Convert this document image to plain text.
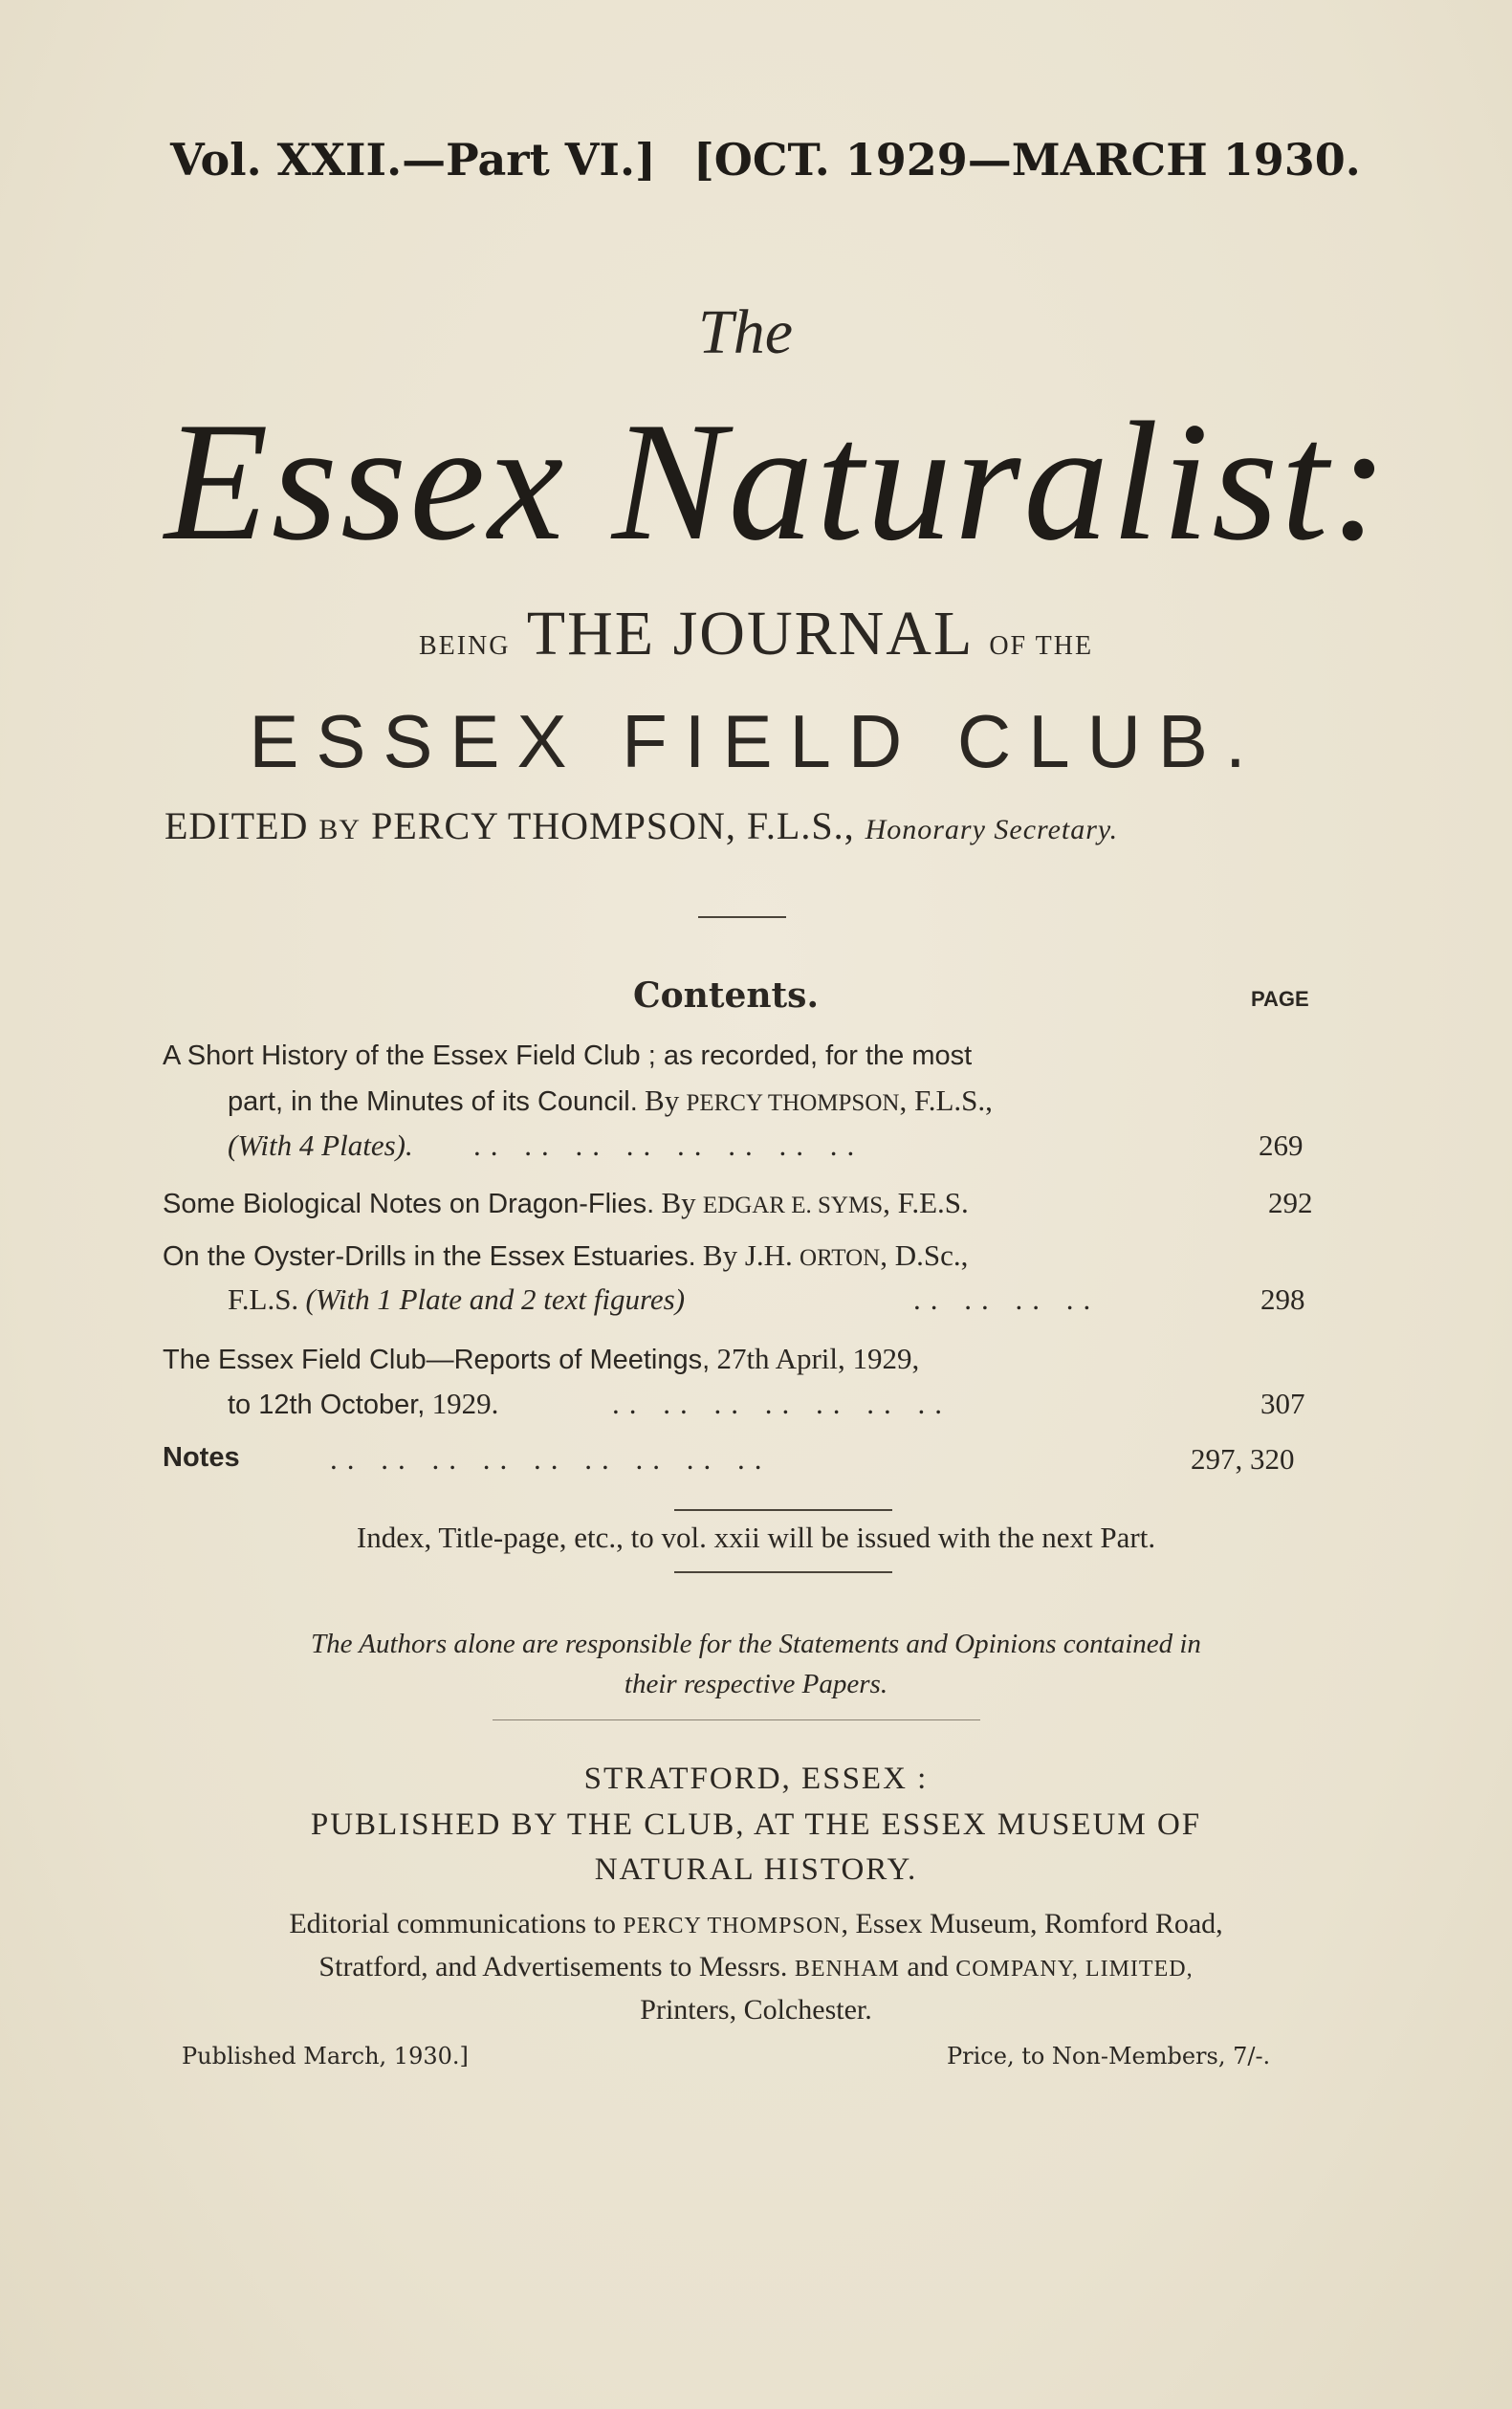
Vol. XXII.—Part VI.] [OCT. 1929—MARCH 1930.
The
Essex Naturalist:
BEING THE JOURNAL OF THE
ESSEX FIELD CLUB.
EDITED BY PERCY THOMPSON, F.L.S., Honorary Secretary.
Contents.	PAGE
A Short History of the Essex Field Club ; as recorded, for the most
part, in the Minutes of its Council. By PERCY THOMPSON, F.L.S.,
(With 4 Plates). .. .. .. .. .. .. .. ..	269
Some Biological Notes on Dragon-Flies. By EDGAR E. SYMS, F.E.S.	292
On the Oyster-Drills in the Essex Estuaries. By J.H. ORTON, D.Sc.,
F.L.S. (With 1 Plate and 2 text figures)	.. .. .. ..	298
The Essex Field Club—Reports of Meetings, 27th April, 1929,
to 12th October, 1929.	.. .. .. .. .. .. ..	307
Notes	.. .. .. .. .. .. .. .. ..	297, 320
Index, Title-page, etc., to vol. xxii will be issued with the next Part.
The Authors alone are responsible for the Statements and Opinions contained in
their respective Papers.
STRATFORD, ESSEX :
PUBLISHED BY THE CLUB, AT THE ESSEX MUSEUM OF
NATURAL HISTORY.
Editorial communications to PERCY THOMPSON, Essex Museum, Romford Road,
Stratford, and Advertisements to Messrs. BENHAM and COMPANY, LIMITED,
Printers, Colchester.
Published March, 1930.]	Price, to Non-Members, 7/-.
